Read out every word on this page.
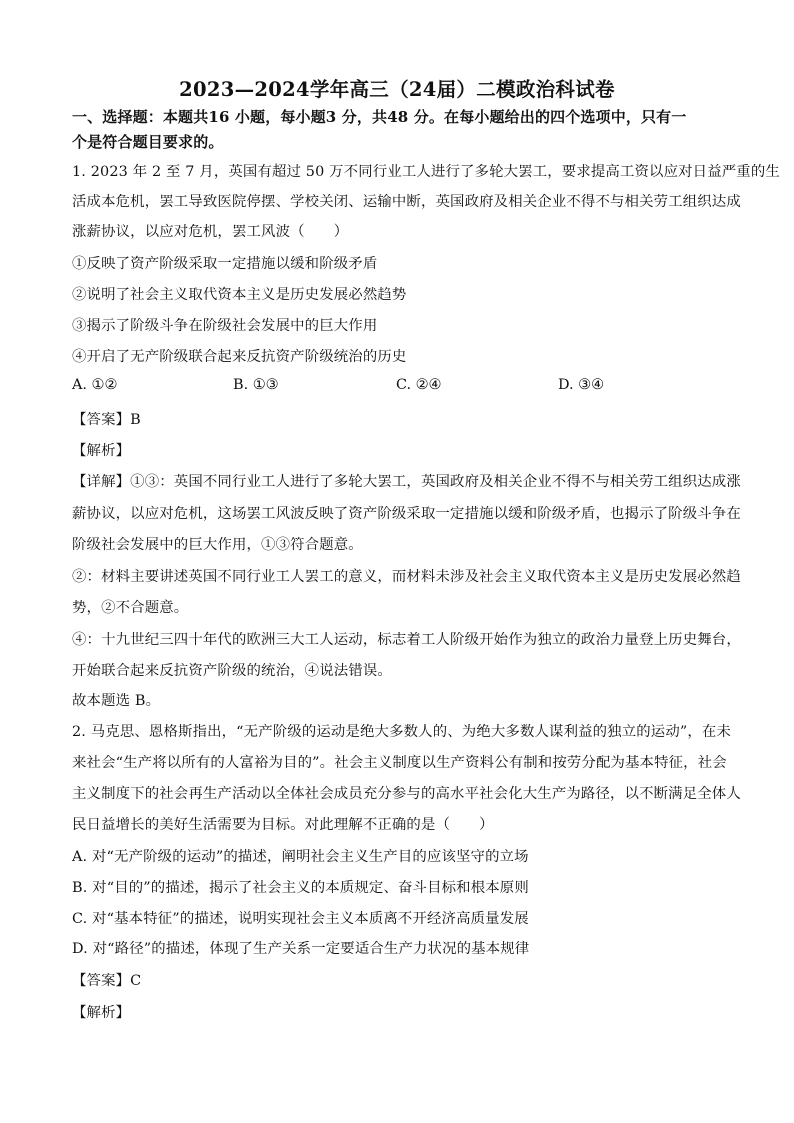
2023—2024学年高三（24届）二模政治科试卷
一、选择题：本题共16 小题，每小题3 分，共48 分。在每小题给出的四个选项中，只有一
个是符合题目要求的。
1. 2023 年 2 至 7 月，英国有超过 50 万不同行业工人进行了多轮大罢工，要求提高工资以应对日益严重的生
活成本危机，罢工导致医院停摆、学校关闭、运输中断，英国政府及相关企业不得不与相关劳工组织达成
涨薪协议，以应对危机，罢工风波（　　）
①反映了资产阶级采取一定措施以缓和阶级矛盾
②说明了社会主义取代资本主义是历史发展必然趋势
③揭示了阶级斗争在阶级社会发展中的巨大作用
④开启了无产阶级联合起来反抗资产阶级统治的历史
A. ①②	B. ①③	C. ②④	D. ③④
【答案】B
【解析】
【详解】①③：英国不同行业工人进行了多轮大罢工，英国政府及相关企业不得不与相关劳工组织达成涨
薪协议，以应对危机，这场罢工风波反映了资产阶级采取一定措施以缓和阶级矛盾，也揭示了阶级斗争在
阶级社会发展中的巨大作用，①③符合题意。
②：材料主要讲述英国不同行业工人罢工的意义，而材料未涉及社会主义取代资本主义是历史发展必然趋
势，②不合题意。
④：十九世纪三四十年代的欧洲三大工人运动，标志着工人阶级开始作为独立的政治力量登上历史舞台，
开始联合起来反抗资产阶级的统治，④说法错误。
故本题选 B。
2. 马克思、恩格斯指出，“无产阶级的运动是绝大多数人的、为绝大多数人谋利益的独立的运动”，在未
来社会“生产将以所有的人富裕为目的”。社会主义制度以生产资料公有制和按劳分配为基本特征，社会
主义制度下的社会再生产活动以全体社会成员充分参与的高水平社会化大生产为路径，以不断满足全体人
民日益增长的美好生活需要为目标。对此理解不正确的是（　　）
A. 对“无产阶级的运动”的描述，阐明社会主义生产目的应该坚守的立场
B. 对“目的”的描述，揭示了社会主义的本质规定、奋斗目标和根本原则
C. 对“基本特征”的描述，说明实现社会主义本质离不开经济高质量发展
D. 对“路径”的描述，体现了生产关系一定要适合生产力状况的基本规律
【答案】C
【解析】
